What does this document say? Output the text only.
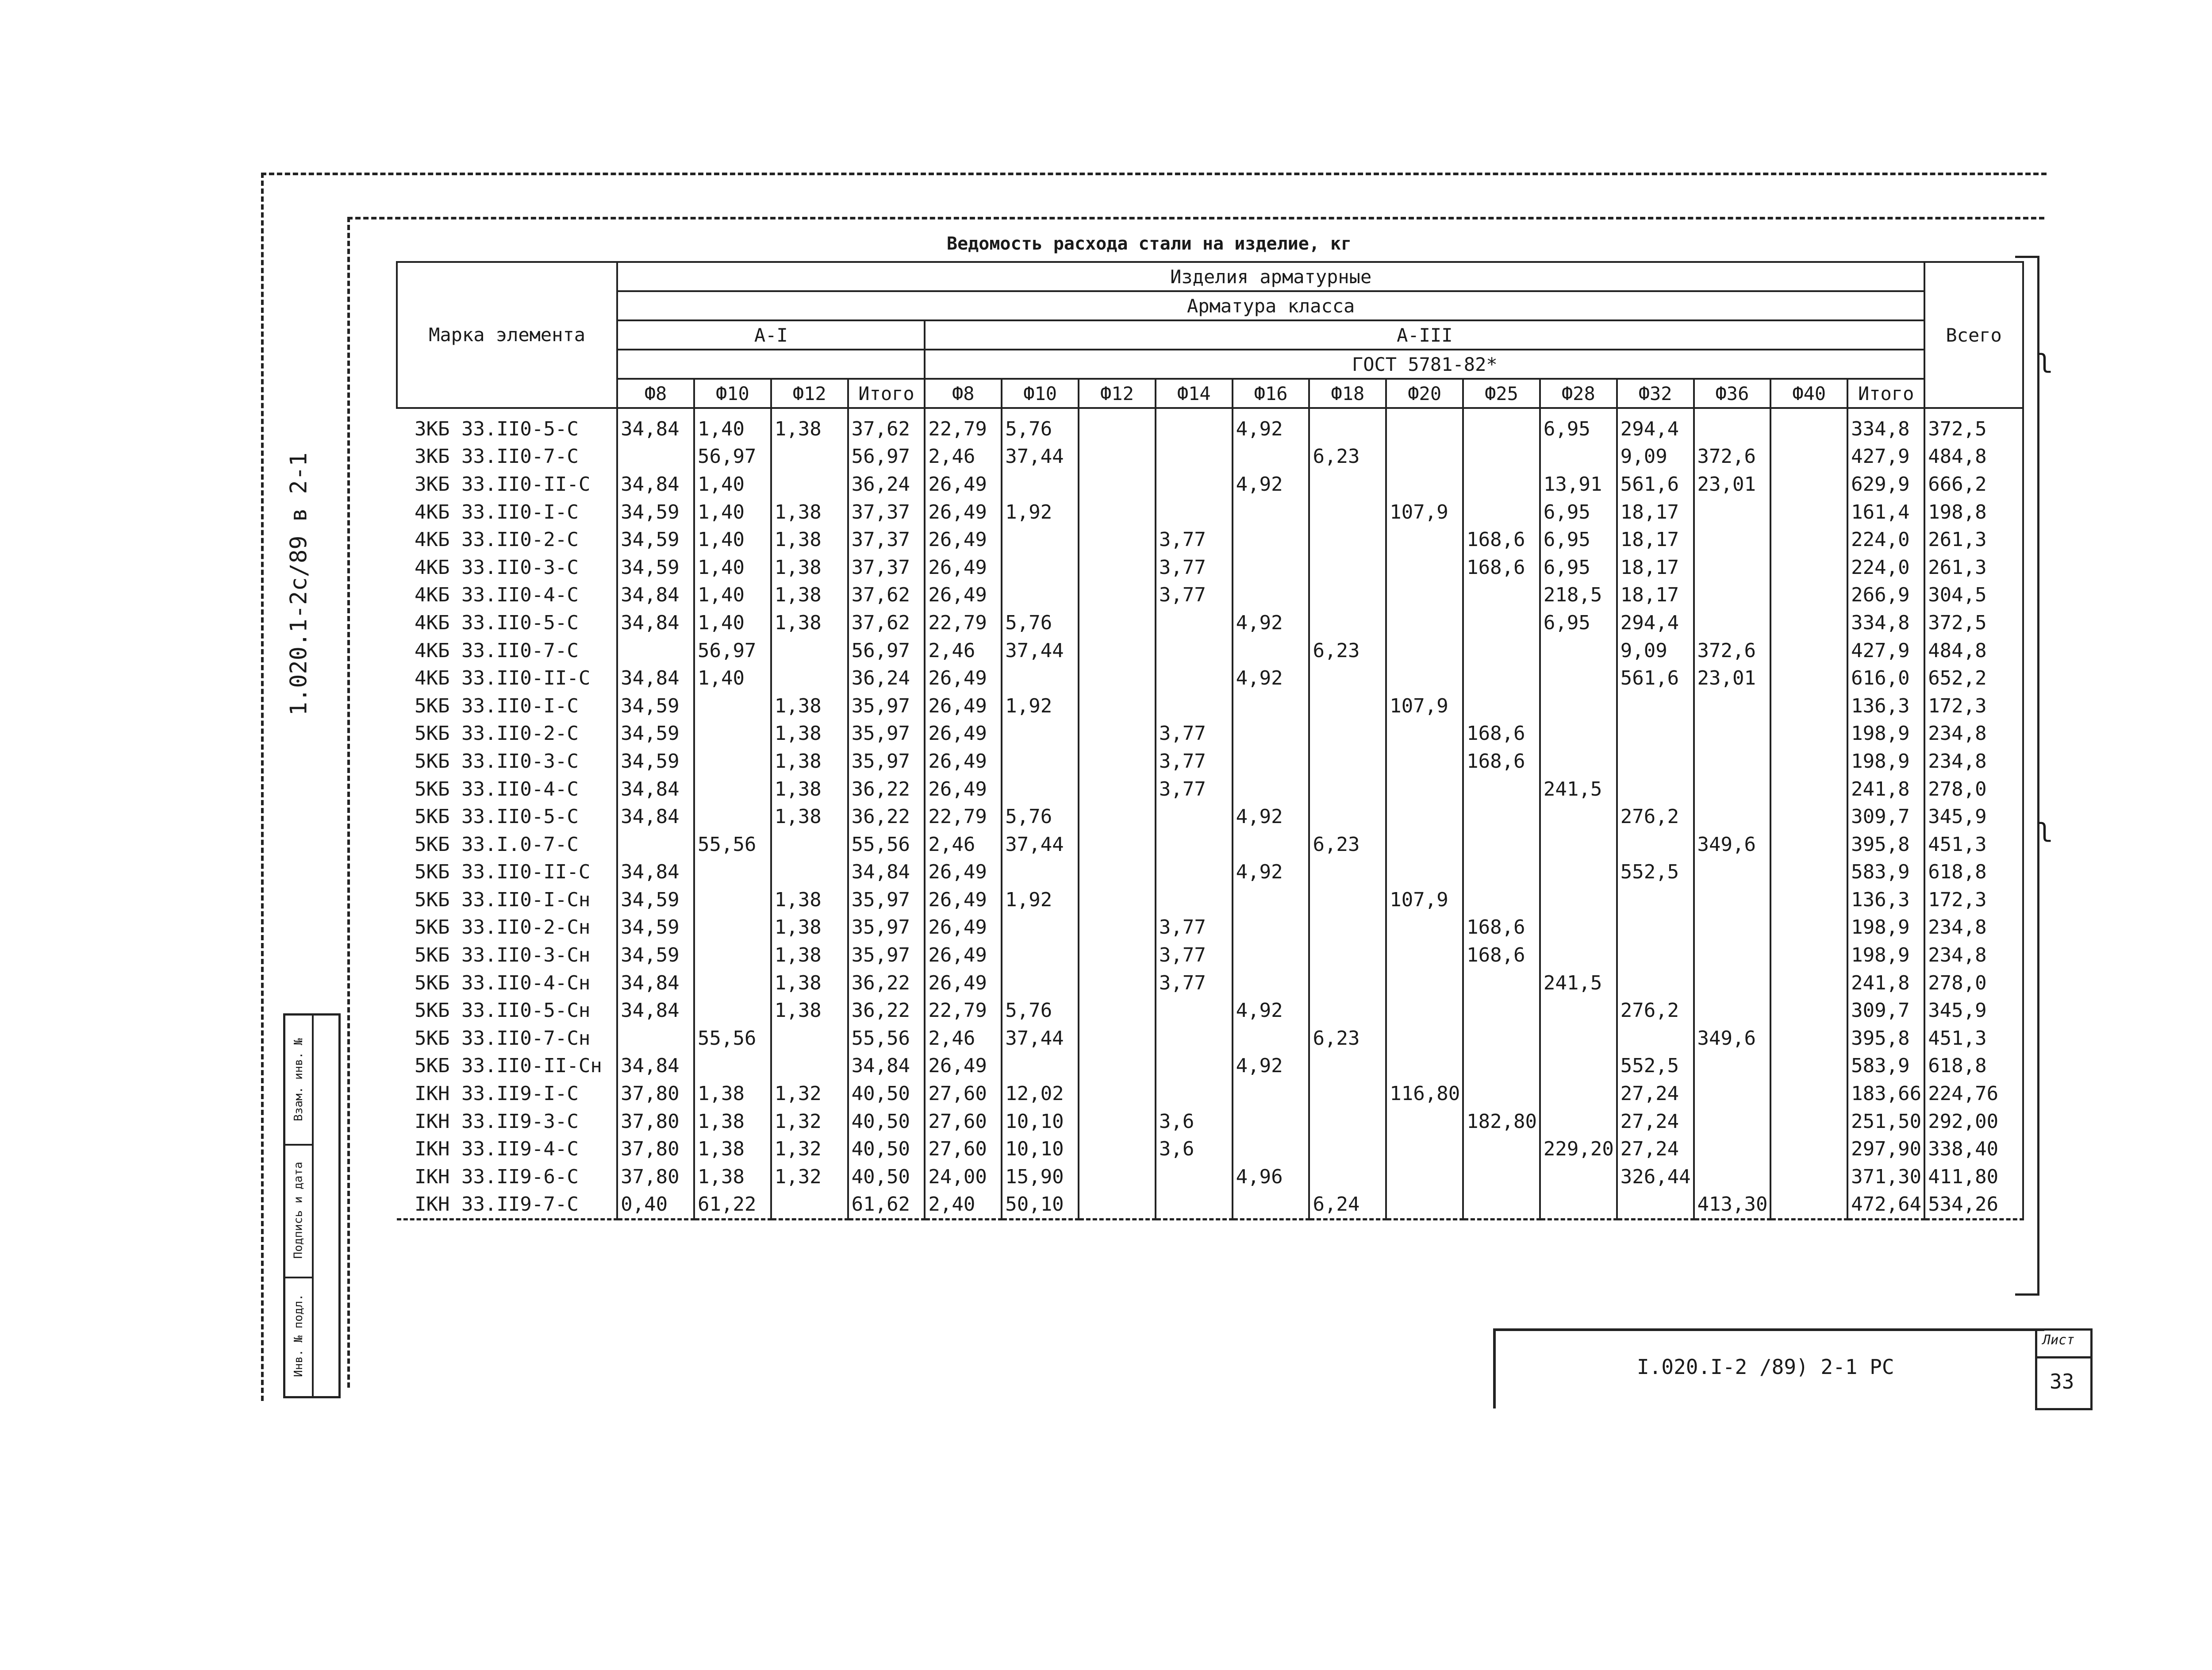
1.020.1-2с/89 в 2-1
Взам. инв. №
Подпись и дата
Инв. № подл.
Ведомость расхода стали на изделие, кг
Марка элемента	Изделия арматурные																	Всего
	Арматура класса																	
	А-I				А-III													
					ГОСТ 5781-82*													
	Ф8	Ф10	Ф12	Итого	Ф8	Ф10	Ф12	Ф14	Ф16	Ф18	Ф20	Ф25	Ф28	Ф32	Ф36	Ф40	Итого	
3КБ 33.II0-5-С	34,84	1,40	1,38	37,62	22,79	5,76			4,92				6,95	294,4			334,8	372,5
3КБ 33.II0-7-С		56,97		56,97	2,46	37,44				6,23				9,09	372,6		427,9	484,8
3КБ 33.II0-II-С	34,84	1,40		36,24	26,49				4,92				13,91	561,6	23,01		629,9	666,2
4КБ 33.II0-I-С	34,59	1,40	1,38	37,37	26,49	1,92					107,9		6,95	18,17			161,4	198,8
4КБ 33.II0-2-С	34,59	1,40	1,38	37,37	26,49			3,77				168,6	6,95	18,17			224,0	261,3
4КБ 33.II0-3-С	34,59	1,40	1,38	37,37	26,49			3,77				168,6	6,95	18,17			224,0	261,3
4КБ 33.II0-4-С	34,84	1,40	1,38	37,62	26,49			3,77					218,5	18,17			266,9	304,5
4КБ 33.II0-5-С	34,84	1,40	1,38	37,62	22,79	5,76			4,92				6,95	294,4			334,8	372,5
4КБ 33.II0-7-С		56,97		56,97	2,46	37,44				6,23				9,09	372,6		427,9	484,8
4КБ 33.II0-II-С	34,84	1,40		36,24	26,49				4,92					561,6	23,01		616,0	652,2
5КБ 33.II0-I-С	34,59		1,38	35,97	26,49	1,92					107,9						136,3	172,3
5КБ 33.II0-2-С	34,59		1,38	35,97	26,49			3,77				168,6					198,9	234,8
5КБ 33.II0-3-С	34,59		1,38	35,97	26,49			3,77				168,6					198,9	234,8
5КБ 33.II0-4-С	34,84		1,38	36,22	26,49			3,77					241,5				241,8	278,0
5КБ 33.II0-5-С	34,84		1,38	36,22	22,79	5,76			4,92					276,2			309,7	345,9
5КБ 33.I.0-7-С		55,56		55,56	2,46	37,44				6,23					349,6		395,8	451,3
5КБ 33.II0-II-С	34,84			34,84	26,49				4,92					552,5			583,9	618,8
5КБ 33.II0-I-Сн	34,59		1,38	35,97	26,49	1,92					107,9						136,3	172,3
5КБ 33.II0-2-Сн	34,59		1,38	35,97	26,49			3,77				168,6					198,9	234,8
5КБ 33.II0-3-Сн	34,59		1,38	35,97	26,49			3,77				168,6					198,9	234,8
5КБ 33.II0-4-Сн	34,84		1,38	36,22	26,49			3,77					241,5				241,8	278,0
5КБ 33.II0-5-Сн	34,84		1,38	36,22	22,79	5,76			4,92					276,2			309,7	345,9
5КБ 33.II0-7-Сн		55,56		55,56	2,46	37,44				6,23					349,6		395,8	451,3
5КБ 33.II0-II-Сн	34,84			34,84	26,49				4,92					552,5			583,9	618,8
IКН 33.II9-I-С	37,80	1,38	1,32	40,50	27,60	12,02					116,80			27,24			183,66	224,76
IКН 33.II9-3-С	37,80	1,38	1,32	40,50	27,60	10,10		3,6				182,80		27,24			251,50	292,00
IКН 33.II9-4-С	37,80	1,38	1,32	40,50	27,60	10,10		3,6					229,20	27,24			297,90	338,40
IКН 33.II9-6-С	37,80	1,38	1,32	40,50	24,00	15,90			4,96					326,44			371,30	411,80
IКН 33.II9-7-С	0,40	61,22		61,62	2,40	50,10				6,24					413,30		472,64	534,26
ʅ
ʅ
I.020.I-2 /89) 2-1 РС
Лист
33
